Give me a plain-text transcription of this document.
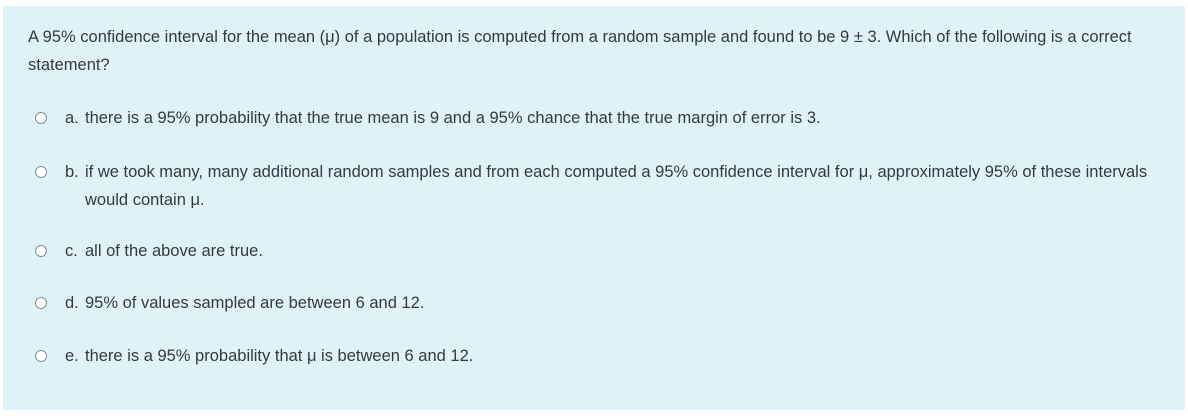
A 95% confidence interval for the mean (μ) of a population is computed from a random sample and found to be 9 ± 3. Which of the following is a correct statement?
a. there is a 95% probability that the true mean is 9 and a 95% chance that the true margin of error is 3.
b. if we took many, many additional random samples and from each computed a 95% confidence interval for μ, approximately 95% of these intervals would contain μ.
c. all of the above are true.
d. 95% of values sampled are between 6 and 12.
e. there is a 95% probability that μ is between 6 and 12.
